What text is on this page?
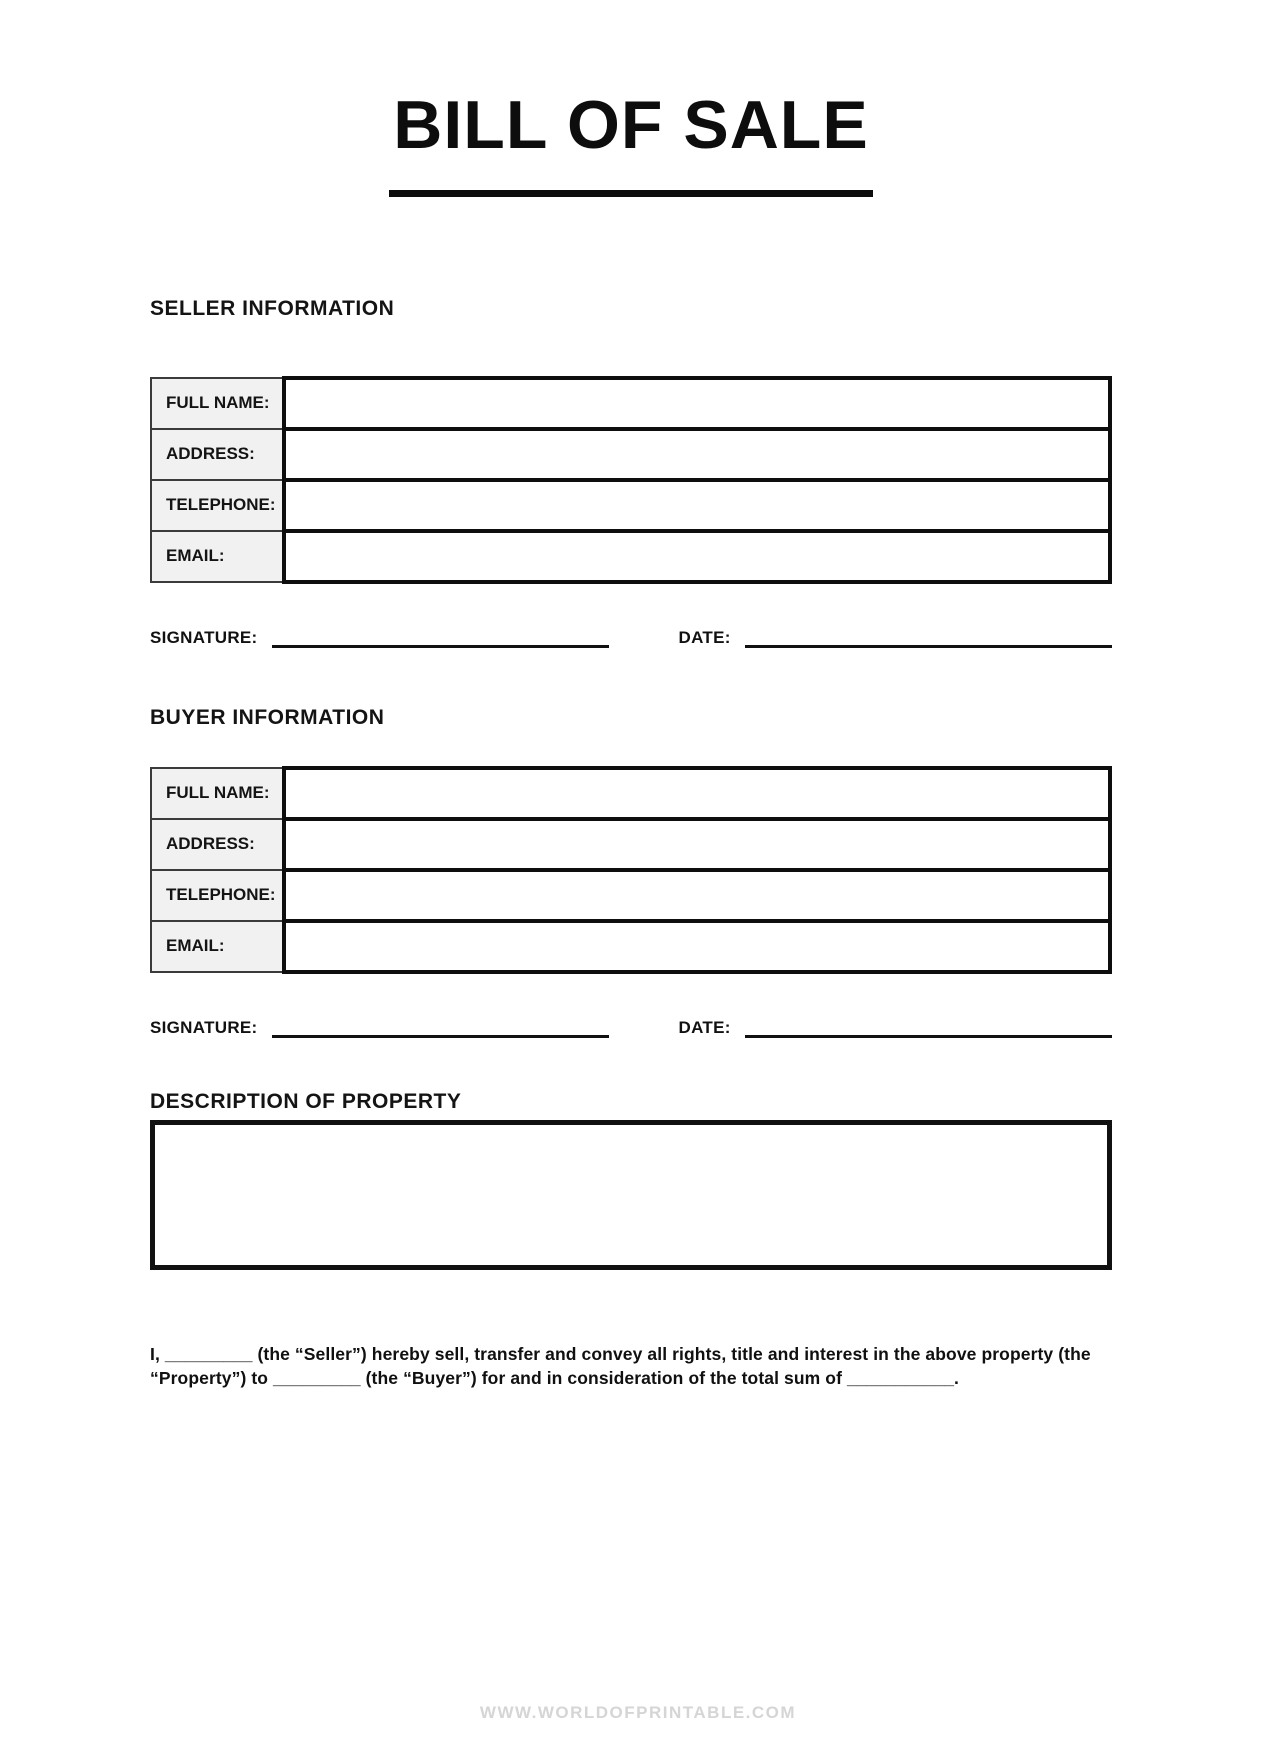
BILL OF SALE
SELLER INFORMATION
FULL NAME:	
ADDRESS:	
TELEPHONE:	
EMAIL:	
SIGNATURE:	DATE:
BUYER INFORMATION
FULL NAME:	
ADDRESS:	
TELEPHONE:	
EMAIL:	
SIGNATURE:	DATE:
DESCRIPTION OF PROPERTY

I, _________ (the “Seller”) hereby sell, transfer and convey all rights, title and interest in the above property (the “Property”) to _________ (the “Buyer”) for and in consideration of the total sum of ___________.

WWW.WORLDOFPRINTABLE.COM
